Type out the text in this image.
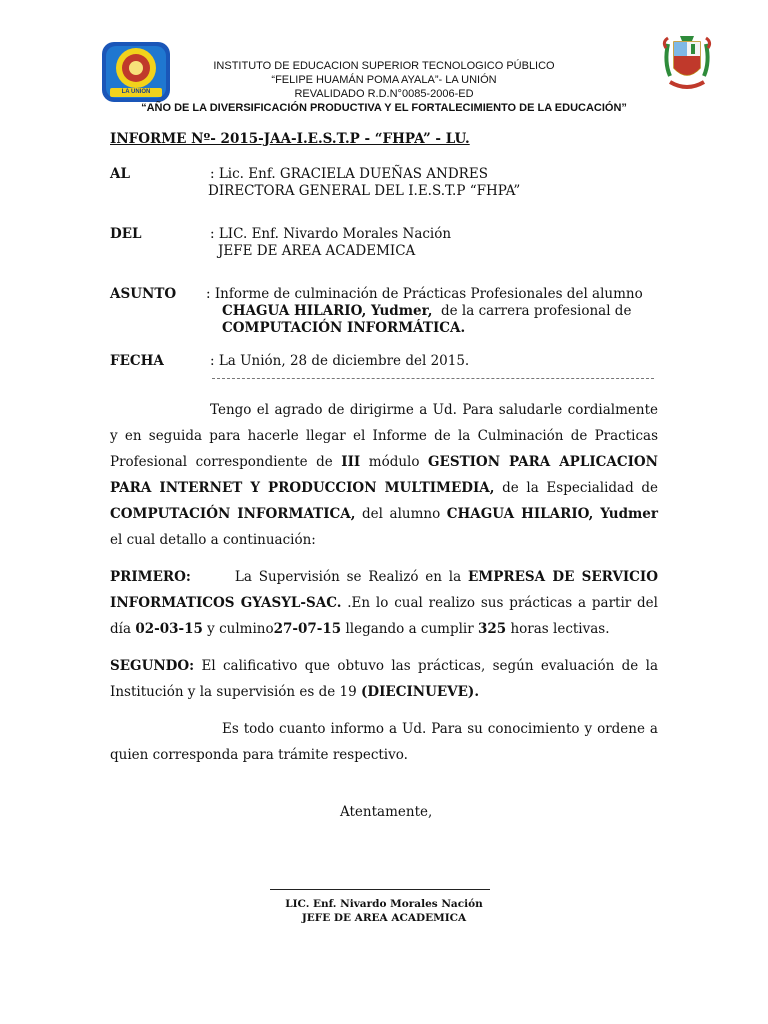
LA UNION
INSTITUTO DE EDUCACION SUPERIOR TECNOLOGICO PÚBLICO
“FELIPE HUAMÁN POMA AYALA”- LA UNIÓN
REVALIDADO R.D.N°0085-2006-ED
“AÑO DE LA DIVERSIFICACIÓN PRODUCTIVA Y EL FORTALECIMIENTO DE LA EDUCACIÓN”
INFORME Nº- 2015-JAA-I.E.S.T.P - “FHPA” - LU.
AL	: Lic. Enf. GRACIELA DUEÑAS ANDRES
DIRECTORA GENERAL DEL I.E.S.T.P “FHPA”
DEL	: LIC. Enf. Nivardo Morales Nación
JEFE DE AREA ACADEMICA
ASUNTO : Informe de culminación de Prácticas Profesionales del alumno
CHAGUA HILARIO, Yudmer,  de la carrera profesional de
COMPUTACIÓN INFORMÁTICA.
FECHA	: La Unión, 28 de diciembre del 2015.

Tengo el agrado de dirigirme a Ud. Para saludarle cordialmente y en seguida para hacerle llegar el Informe de la Culminación de Practicas Profesional correspondiente de III módulo GESTION PARA APLICACION PARA INTERNET Y PRODUCCION MULTIMEDIA, de la Especialidad de COMPUTACIÓN INFORMATICA, del alumno CHAGUA HILARIO, Yudmer el cual detallo a continuación:

PRIMERO:	La Supervisión se Realizó en la EMPRESA DE SERVICIO INFORMATICOS GYASYL-SAC. .En lo cual realizo sus prácticas a partir del día 02-03-15 y culmino27-07-15 llegando a cumplir 325 horas lectivas.

SEGUNDO: El calificativo que obtuvo las prácticas, según evaluación de la Institución y la supervisión es de 19 (DIECINUEVE).

Es todo cuanto informo a Ud. Para su conocimiento y ordene a quien corresponda para trámite respectivo.

Atentamente,
LIC. Enf. Nivardo Morales Nación
JEFE DE AREA ACADEMICA
